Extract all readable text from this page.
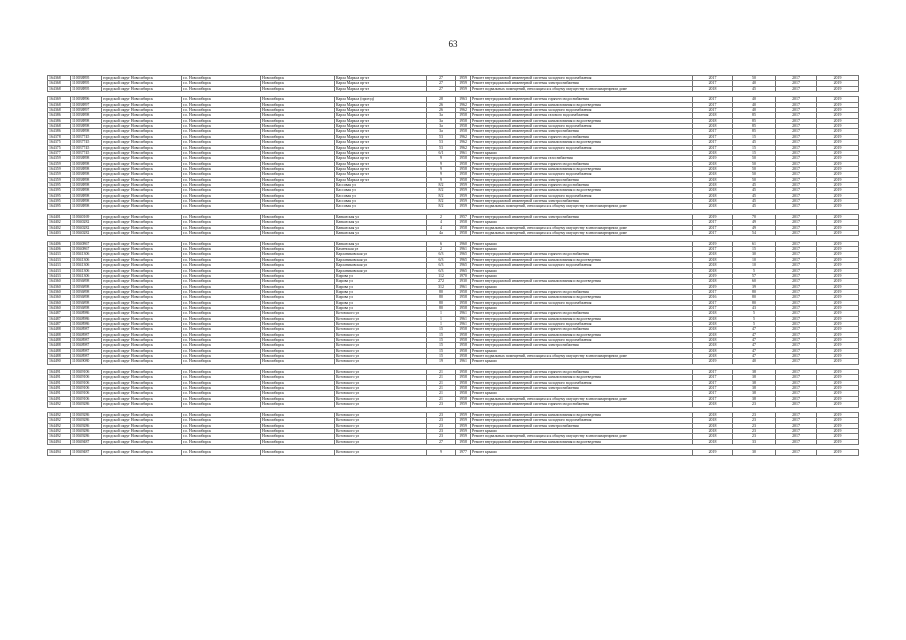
63
164368	110038895	городской округ Новосибирск	г.о. Новосибирск	Новосибирск	Карла Маркса пр-кт	27	1959	Ремонт внутридомовой инженерной системы холодного водоснабжения	2017	50	2017	2019
164368	110038895	городской округ Новосибирск	г.о. Новосибирск	Новосибирск	Карла Маркса пр-кт	27	1959	Ремонт внутридомовой инженерной системы электроснабжения	2017	40	2017	2019
164368	110038895	городской округ Новосибирск	г.о. Новосибирск	Новосибирск	Карла Маркса пр-кт	27	1959	Ремонт подвальных помещений, относящихся к общему имуществу в многоквартирном доме	2018	45	2017	2019

164369	110038896	городской округ Новосибирск	г.о. Новосибирск	Новосибирск	Карла Маркса (проезд)	28	1963	Ремонт внутридомовой инженерной системы горячего водоснабжения	2017	40	2017	2019
164368	110038897	городской округ Новосибирск	г.о. Новосибирск	Новосибирск	Карла Маркса пр-кт	26	1962	Ремонт внутридомовой инженерной системы канализования и водоотведения	2017	40	2017	2019
164368	110038897	городской округ Новосибирск	г.о. Новосибирск	Новосибирск	Карла Маркса пр-кт	26	1962	Ремонт внутридомовой инженерной системы холодного водоснабжения	2017	40	2017	2019
164386	110038898	городской округ Новосибирск	г.о. Новосибирск	Новосибирск	Карла Маркса пр-кт	3а	1958	Ремонт внутридомовой инженерной системы газового водоснабжения	2018	85	2017	2019
164386	110038898	городской округ Новосибирск	г.о. Новосибирск	Новосибирск	Карла Маркса пр-кт	3а	1958	Ремонт внутридомовой инженерной системы канализования и водоотведения	2018	85	2017	2019
164368	110038898	городской округ Новосибирск	г.о. Новосибирск	Новосибирск	Карла Маркса пр-кт	3а	1958	Ремонт внутридомовой инженерной системы холодного водоснабжения	2018	85	2017	2019
164386	110038898	городской округ Новосибирск	г.о. Новосибирск	Новосибирск	Карла Маркса пр-кт	3а	1958	Ремонт внутридомовой инженерной системы электроснабжения	2017	85	2017	2019
164378	110037745	городской округ Новосибирск	г.о. Новосибирск	Новосибирск	Карла Маркса пр-кт	53	1962	Ремонт внутридомовой инженерной системы горячего водоснабжения	2017	15	2017	2019
164375	110037745	городской округ Новосибирск	г.о. Новосибирск	Новосибирск	Карла Маркса пр-кт	53	1962	Ремонт внутридомовой инженерной системы канализования и водоотведения	2017	45	2017	2019
164375	110037745	городской округ Новосибирск	г.о. Новосибирск	Новосибирск	Карла Маркса пр-кт	53	1962	Ремонт внутридомовой инженерной системы холодного водоснабжения	2017	15	2017	2019
164377	110037745	городской округ Новосибирск	г.о. Новосибирск	Новосибирск	Карла Маркса пр-кт	6/1	1961	Ремонт крыши	2018	15	2017	2019
164359	110038898	городской округ Новосибирск	г.о. Новосибирск	Новосибирск	Карла Маркса пр-кт	9	1958	Ремонт внутридомовой инженерной системы газоснабжения	2019	50	2017	2019
164359	110038898	городской округ Новосибирск	г.о. Новосибирск	Новосибирск	Карла Маркса пр-кт	9	1958	Ремонт внутридомовой инженерной системы горячего водоснабжения	2018	50	2017	2019
164359	110038898	городской округ Новосибирск	г.о. Новосибирск	Новосибирск	Карла Маркса пр-кт	9	1958	Ремонт внутридомовой инженерной системы канализования и водоотведения	2018	50	2017	2019
164359	110038898	городской округ Новосибирск	г.о. Новосибирск	Новосибирск	Карла Маркса пр-кт	9	1958	Ремонт внутридомовой инженерной системы холодного водоснабжения	2018	50	2017	2019
164359	110038898	городской округ Новосибирск	г.о. Новосибирск	Новосибирск	Карла Маркса пр-кт	9	1958	Ремонт внутридомовой инженерной системы электроснабжения	2018	50	2017	2019
164395	110038898	городской округ Новосибирск	г.о. Новосибирск	Новосибирск	Кассовая ул	8/2	1959	Ремонт внутридомовой инженерной системы горячего водоснабжения	2018	45	2017	2019
164395	110038898	городской округ Новосибирск	г.о. Новосибирск	Новосибирск	Кассовая ул	8/2	1959	Ремонт внутридомовой инженерной системы канализования и водоотведения	2018	45	2017	2019
164395	110038898	городской округ Новосибирск	г.о. Новосибирск	Новосибирск	Кассовая ул	8/2	1959	Ремонт внутридомовой инженерной системы холодного водоснабжения	2018	45	2017	2019
164395	110038898	городской округ Новосибирск	г.о. Новосибирск	Новосибирск	Кассовая ул	8/2	1959	Ремонт внутридомовой инженерной системы электроснабжения	2018	45	2017	2019
164395	110038898	городской округ Новосибирск	г.о. Новосибирск	Новосибирск	Кассовая ул	8/2	1959	Ремонт подвальных помещений, относящихся к общему имуществу в многоквартирном доме	2018	45	2017	2019

164401	110040169	городской округ Новосибирск	г.о. Новосибирск	Новосибирск	Кавказская ул	2	1957	Ремонт внутридомовой инженерной системы электроснабжения	2019	70	2017	2019
164402	110040282	городской округ Новосибирск	г.о. Новосибирск	Новосибирск	Кавказская ул	4	1958	Ремонт крыши	2017	49	2017	2019
164402	110040282	городской округ Новосибирск	г.о. Новосибирск	Новосибирск	Кавказская ул	4	1958	Ремонт подвальных помещений, относящихся к общему имуществу в многоквартирном доме	2017	49	2017	2019
164403	110040282	городской округ Новосибирск	г.о. Новосибирск	Новосибирск	Кавказская ул	4а	1958	Ремонт подвальных помещений, относящихся к общему имуществу в многоквартирном доме	2017	54	2017	2019

164406	110040867	городской округ Новосибирск	г.о. Новосибирск	Новосибирск	Кавказская ул	6	1960	Ремонт крыши	2019	61	2017	2019
164406	110040867	городской округ Новосибирск	г.о. Новосибирск	Новосибирск	Каменская ул	2	1961	Ремонт крыши	2017	15	2017	2019
164433	110041306	городской округ Новосибирск	г.о. Новосибирск	Новосибирск	Карланиковская ул	6/3	1965	Ремонт внутридомовой инженерной системы горячего водоснабжения	2018	30	2017	2019
164433	110041306	городской округ Новосибирск	г.о. Новосибирск	Новосибирск	Карланиковская ул	6/3	1965	Ремонт внутридомовой инженерной системы канализования и водоотведения	2018	10	2017	2019
164433	110041306	городской округ Новосибирск	г.о. Новосибирск	Новосибирск	Карланиковская ул	6/3	1965	Ремонт внутридомовой инженерной системы холодного водоснабжения	2018	10	2017	2019
164433	110041306	городской округ Новосибирск	г.о. Новосибирск	Новосибирск	Карланиковская ул	6/3	1965	Ремонт крыши	2018	5	2017	2019
164433	110041306	городской округ Новосибирск	г.о. Новосибирск	Новосибирск	Кирова ул	112	1970	Ремонт крыши	2019	57	2017	2019
164360	110036898	городской округ Новосибирск	г.о. Новосибирск	Новосибирск	Кирова ул	272	1930	Ремонт внутридомовой инженерной системы канализования и водоотведения	2018	60	2017	2019
164360	110036898	городской округ Новосибирск	г.о. Новосибирск	Новосибирск	Кирова ул	312	1961	Ремонт крыши	2019	39	2017	2019
164360	110036898	городской округ Новосибирск	г.о. Новосибирск	Новосибирск	Кирова ул	80	1958	Ремонт внутридомовой инженерной системы горячего водоснабжения	2017	80	2017	2019
164360	110036898	городской округ Новосибирск	г.о. Новосибирск	Новосибирск	Кирова ул	80	1958	Ремонт внутридомовой инженерной системы канализования и водоотведения	2016	80	2017	2019
164360	110036898	городской округ Новосибирск	г.о. Новосибирск	Новосибирск	Кирова ул	80	1958	Ремонт внутридомовой инженерной системы холодного водоснабжения	2017	80	2017	2019
164360	110036898	городской округ Новосибирск	г.о. Новосибирск	Новосибирск	Кирова ул	80	1958	Ремонт крыши	2017	43	2017	2019
164487	110048986	городской округ Новосибирск	г.о. Новосибирск	Новосибирск	Котовского ул	1	1961	Ремонт внутридомовой инженерной системы горячего водоснабжения	2018	5	2017	2019
164487	110048986	городской округ Новосибирск	г.о. Новосибирск	Новосибирск	Котовского ул	1	1961	Ремонт внутридомовой инженерной системы канализования и водоотведения	2018	5	2017	2019
164487	110048986	городской округ Новосибирск	г.о. Новосибирск	Новосибирск	Котовского ул	1	1961	Ремонт внутридомовой инженерной системы холодного водоснабжения	2018	5	2017	2019
164488	110048987	городской округ Новосибирск	г.о. Новосибирск	Новосибирск	Котовского ул	15	1958	Ремонт внутридомовой инженерной системы горячего водоснабжения	2018	47	2017	2019
164488	110048987	городской округ Новосибирск	г.о. Новосибирск	Новосибирск	Котовского ул	15	1958	Ремонт внутридомовой инженерной системы канализования и водоотведения	2018	47	2017	2019
164488	110048987	городской округ Новосибирск	г.о. Новосибирск	Новосибирск	Котовского ул	15	1958	Ремонт внутридомовой инженерной системы холодного водоснабжения	2018	47	2017	2019
164488	110048987	городской округ Новосибирск	г.о. Новосибирск	Новосибирск	Котовского ул	15	1958	Ремонт внутридомовой инженерной системы электроснабжения	2018	47	2017	2019
164488	110048987	городской округ Новосибирск	г.о. Новосибирск	Новосибирск	Котовского ул	15	1958	Ремонт крыши	2018	47	2017	2019
164488	110048987	городской округ Новосибирск	г.о. Новосибирск	Новосибирск	Котовского ул	15	1958	Ремонт подвальных помещений, относящихся к общему имуществу в многоквартирном доме	2018	47	2017	2019
164490	110049080	городской округ Новосибирск	г.о. Новосибирск	Новосибирск	Котовского ул	19	1961	Ремонт крыши	2019	40	2017	2019

164491	110049106	городской округ Новосибирск	г.о. Новосибирск	Новосибирск	Котовского ул	21	1958	Ремонт внутридомовой инженерной системы горячего водоснабжения	2017	38	2017	2019
164491	110049106	городской округ Новосибирск	г.о. Новосибирск	Новосибирск	Котовского ул	21	1958	Ремонт внутридомовой инженерной системы канализования и водоотведения	2017	38	2017	2019
164491	110049106	городской округ Новосибирск	г.о. Новосибирск	Новосибирск	Котовского ул	21	1958	Ремонт внутридомовой инженерной системы холодного водоснабжения	2017	38	2017	2019
164491	110049106	городской округ Новосибирск	г.о. Новосибирск	Новосибирск	Котовского ул	21	1958	Ремонт внутридомовой инженерной системы электроснабжения	2017	38	2017	2019
164491	110049106	городской округ Новосибирск	г.о. Новосибирск	Новосибирск	Котовского ул	21	1958	Ремонт крыши	2017	38	2017	2019
164491	110049106	городской округ Новосибирск	г.о. Новосибирск	Новосибирск	Котовского ул	21	1958	Ремонт подвальных помещений, относящихся к общему имуществу в многоквартирном доме	2017	38	2017	2019
164492	110049286	городской округ Новосибирск	г.о. Новосибирск	Новосибирск	Котовского ул	23	1959	Ремонт внутридомовой инженерной системы горячего водоснабжения	2018	23	2017	2019

164492	110049286	городской округ Новосибирск	г.о. Новосибирск	Новосибирск	Котовского ул	23	1959	Ремонт внутридомовой инженерной системы канализования и водоотведения	2018	23	2017	2019
164492	110049286	городской округ Новосибирск	г.о. Новосибирск	Новосибирск	Котовского ул	23	1959	Ремонт внутридомовой инженерной системы холодного водоснабжения	2018	23	2017	2019
164492	110049286	городской округ Новосибирск	г.о. Новосибирск	Новосибирск	Котовского ул	23	1959	Ремонт внутридомовой инженерной системы электроснабжения	2018	23	2017	2019
164492	110049286	городской округ Новосибирск	г.о. Новосибирск	Новосибирск	Котовского ул	23	1959	Ремонт крыши	2018	23	2017	2019
164492	110049286	городской округ Новосибирск	г.о. Новосибирск	Новосибирск	Котовского ул	23	1959	Ремонт подвальных помещений, относящихся к общему имуществу в многоквартирном доме	2018	23	2017	2019
164494	110049487	городской округ Новосибирск	г.о. Новосибирск	Новосибирск	Котовского ул	27	1958	Ремонт внутридомовой инженерной системы канализования и водоотведения	2018	33	2017	2019

164494	110049487	городской округ Новосибирск	г.о. Новосибирск	Новосибирск	Котовского ул	9	1977	Ремонт крыши	2019	30	2017	2019
